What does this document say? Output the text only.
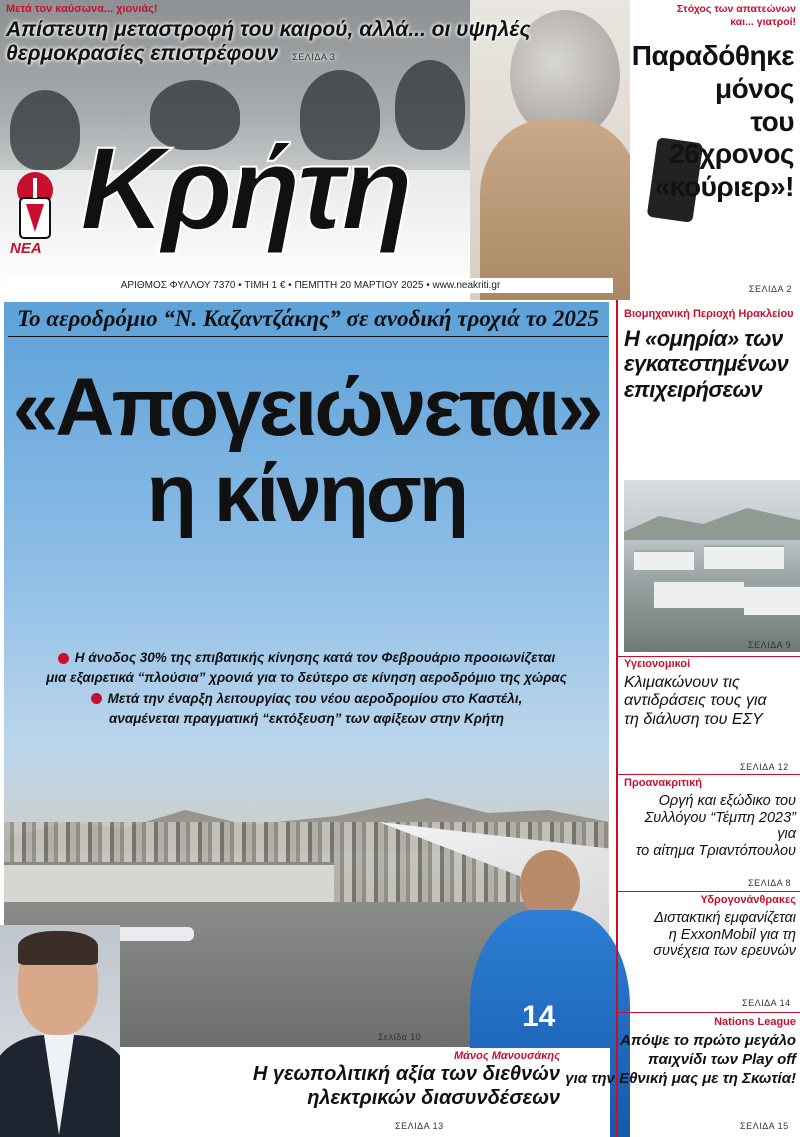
Μετά τον καύσωνα... χιονιάς!
Απίστευτη μεταστροφή του καιρού, αλλά... οι υψηλές
θερμοκρασίες επιστρέφουν ΣΕΛΙΔΑ 3
Στόχος των απατεώνων
και... γιατροί!
Παραδόθηκε
μόνος
του
26χρονος
«κούριερ»!
ΣΕΛΙΔΑ 2
ΝΕΑ Κρήτη
ΑΡΙΘΜΟΣ ΦΥΛΛΟΥ 7370 • ΤΙΜΗ 1 € • ΠΕΜΠΤΗ 20 ΜΑΡΤΙΟΥ 2025 • www.neakriti.gr
Το αεροδρόμιο “Ν. Καζαντζάκης” σε ανοδική τροχιά το 2025
«Απογειώνεται»
η κίνηση
Η άνοδος 30% της επιβατικής κίνησης κατά τον Φεβρουάριο προοιωνίζεται
μια εξαιρετικά “πλούσια” χρονιά για το δεύτερο σε κίνηση αεροδρόμιο της χώρας
Μετά την έναρξη λειτουργίας του νέου αεροδρομίου στο Καστέλι,
αναμένεται πραγματική “εκτόξευση” των αφίξεων στην Κρήτη
Σελίδα 10
14
Μάνος Μανουσάκης
Η γεωπολιτική αξία των διεθνών
ηλεκτρικών διασυνδέσεων
ΣΕΛΙΔΑ 13
Βιομηχανική Περιοχή Ηρακλείου
Η «ομηρία» των
εγκατεστημένων
επιχειρήσεων
ΣΕΛΙΔΑ 9
Υγειονομικοί
Κλιμακώνουν τις
αντιδράσεις τους για
τη διάλυση του ΕΣΥ
ΣΕΛΙΔΑ 12
Προανακριτική
Οργή και εξώδικο του
Συλλόγου “Τέμπη 2023” για
το αίτημα Τριαντόπουλου
ΣΕΛΙΔΑ 8
Υδρογονάνθρακες
Διστακτική εμφανίζεται
η ExxonMobil για τη
συνέχεια των ερευνών
ΣΕΛΙΔΑ 14
Nations League
Απόψε το πρώτο μεγάλο
παιχνίδι των Play off
για την Εθνική μας με τη Σκωτία!
ΣΕΛΙΔΑ 15
